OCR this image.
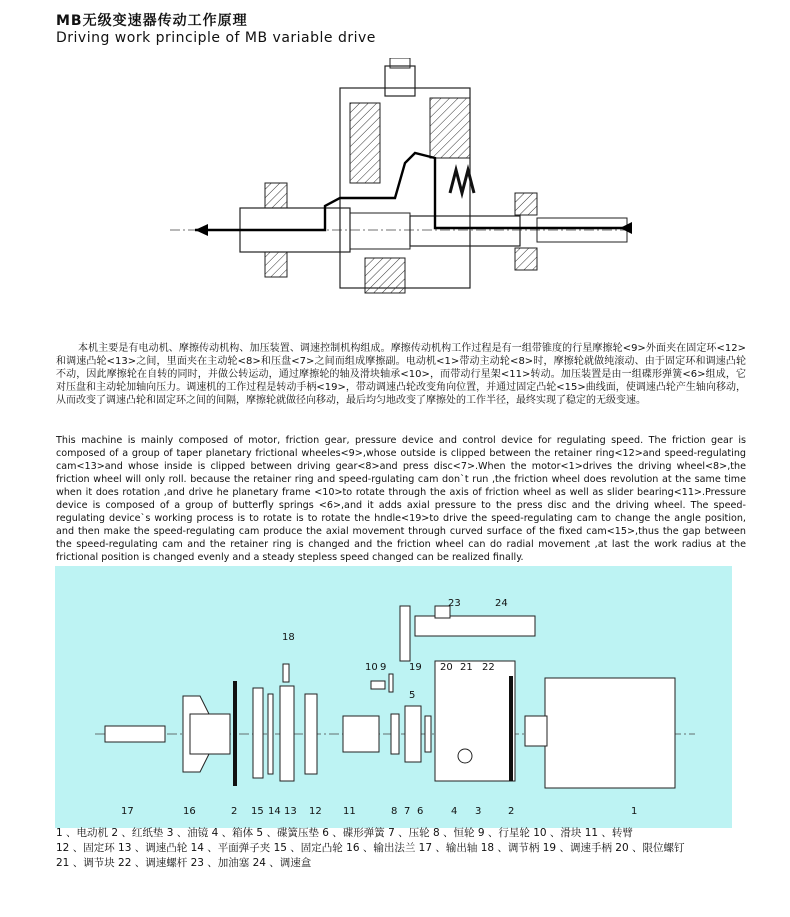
MB无级变速器传动工作原理
Driving work principle of MB variable drive

本机主要是有电动机、摩擦传动机构、加压装置、调速控制机构组成。摩擦传动机构工作过程是有一组带锥度的行星摩擦轮<9>外面夹在固定环<12>和调速凸轮<13>之间，里面夹在主动轮<8>和压盘<7>之间而组成摩擦副。电动机<1>带动主动轮<8>时，摩擦轮就做纯滚动、由于固定环和调速凸轮不动，因此摩擦轮在自转的同时，并做公转运动，通过摩擦轮的轴及滑块轴承<10>，而带动行星架<11>转动。加压装置是由一组碟形弹簧<6>组成，它对压盘和主动轮加轴向压力。调速机的工作过程是转动手柄<19>，带动调速凸轮改变角向位置，并通过固定凸轮<15>曲线面，使调速凸轮产生轴向移动，从而改变了调速凸轮和固定环之间的间隔，摩擦轮就做径向移动，最后均匀地改变了摩擦处的工作半径，最终实现了稳定的无级变速。

This machine is mainly composed of motor, friction gear, pressure device and control device for regulating speed. The friction gear is composed of a group of taper planetary frictional wheeles<9>,whose outside is clipped between the retainer ring<12>and speed-regulating cam<13>and whose inside is clipped between driving gear<8>and press disc<7>.When the motor<1>drives the driving wheel<8>,the friction wheel will only roll. because the retainer ring and speed-rgulating cam don`t run ,the friction wheel does revolution at the same time when it does rotation ,and drive he planetary frame <10>to rotate through the axis of friction wheel as well as slider bearing<11>.Pressure device is composed of a group of butterfly springs <6>,and it adds axial pressure to the press disc and the driving wheel. The speed-regulating device`s working process is to rotate is to rotate the hndle<19>to drive the speed-regulating cam to change the angle position, and then make the speed-regulating cam produce the axial movement through curved surface of the fixed cam<15>,thus the gap between the speed-regulating cam and the retainer ring is changed and the friction wheel can do radial movement ,at last the work radius at the frictional position is changed evenly and a steady stepless speed changed can be realized finally.

17	16	2 15 14 13 12 11	8 7 6	4 3	2	1
18
10 9
5
19 20 21 22
23	24
1 、电动机 2 、红纸垫 3 、油镜 4 、箱体 5 、碟簧压垫 6 、碟形弹簧 7 、压轮 8 、恒轮 9 、行星轮 10 、滑块 11 、转臂
12 、固定环 13 、调速凸轮 14 、平面弹子夹 15 、固定凸轮 16 、输出法兰 17 、输出轴 18 、调节柄 19 、调速手柄 20 、限位螺钉
21 、调节块 22 、调速螺杆 23 、加油塞 24 、调速盒
